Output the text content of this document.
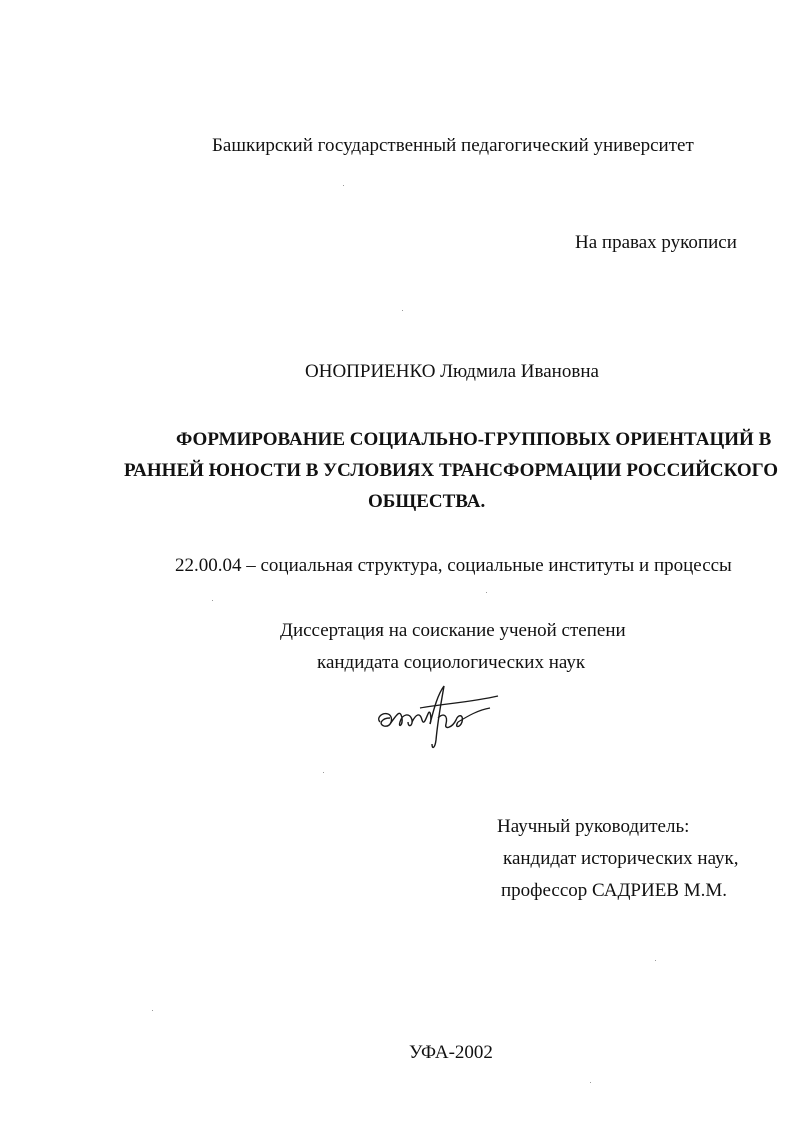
Башкирский государственный педагогический университет

На правах рукописи

ОНОПРИЕНКО Людмила Ивановна

ФОРМИРОВАНИЕ СОЦИАЛЬНО-ГРУППОВЫХ ОРИЕНТАЦИЙ В
РАННЕЙ ЮНОСТИ В УСЛОВИЯХ ТРАНСФОРМАЦИИ РОССИЙСКОГО
ОБЩЕСТВА.

22.00.04 – социальная структура, социальные институты и процессы

Диссертация на соискание ученой степени

кандидата социологических наук

Научный руководитель:

кандидат исторических наук,

профессор САДРИЕВ М.М.

УФА-2002
